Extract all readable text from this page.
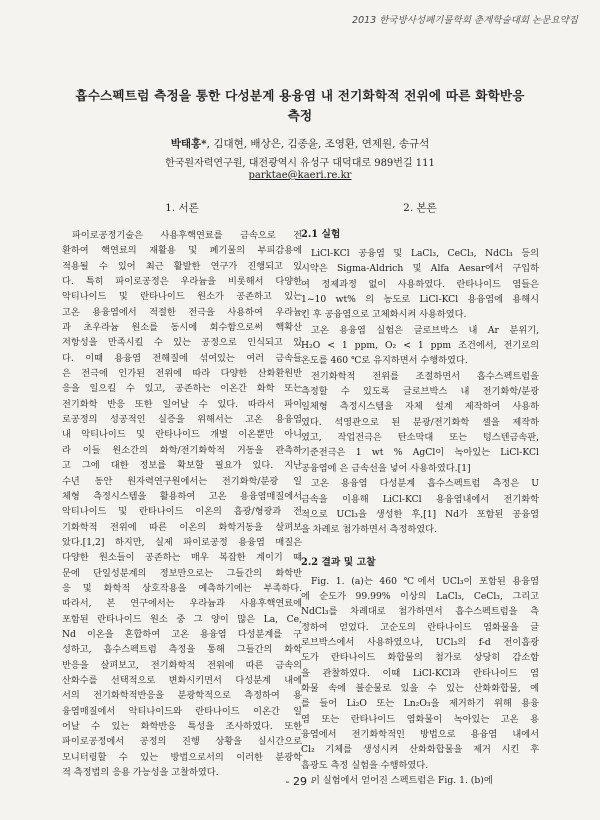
2013 한국방사성폐기물학회 춘계학술대회 논문요약집
흡수스펙트럼 측정을 통한 다성분계 용융염 내 전기화학적 전위에 따른 화학반응
측정
박태홍*, 김대현, 배상은, 김종윤, 조영환, 연제원, 송규석
한국원자력연구원, 대전광역시 유성구 대덕대로 989번길 111
parktae@kaeri.re.kr
1. 서론
파이로공정기술은 사용후핵연료를 금속으로 전
환하여 핵연료의 재활용 및 폐기물의 부피감용에
적용될 수 있어 최근 활발한 연구가 진행되고 있
다. 특히 파이로공정은 우라늄을 비롯해서 다양한
악티나이드 및 란타나이드 원소가 공존하고 있는
고온 용융염에서 적절한 전극을 사용하여 우라늄
과 초우라늄 원소를 동시에 회수함으로써 핵확산
저항성을 만족시킬 수 있는 공정으로 인식되고 있
다. 이때 용융염 전해질에 섞여있는 여러 금속들
은 전극에 인가된 전위에 따라 다양한 산화환원반
응을 일으킬 수 있고, 공존하는 이온간 화학 또는
전기화학 반응 또한 일어날 수 있다. 따라서 파이
로공정의 성공적인 실증을 위해서는 고온 용융염
내 악티나이드 및 란타나이드 개별 이온뿐만 아니
라 이들 원소간의 화학/전기화학적 거동을 관측하
고 그에 대한 정보를 확보할 필요가 있다. 지난
수년 동안 원자력연구원에서는 전기화학/분광 일
체형 측정시스템을 활용하여 고온 용융염매질에서
악티나이드 및 란타나이드 이온의 흡광/형광과 전
기화학적 전위에 따른 이온의 화학거동을 살펴보
았다.[1,2] 하지만, 실제 파이로공정 용융염 매질은
다양한 원소들이 공존하는 매우 복잡한 계이기 때
문에 단일성분계의 정보만으로는 그들간의 화학반
응 및 화학적 상호작용을 예측하기에는 부족하다.
따라서, 본 연구에서는 우라늄과 사용후핵연료에
포함된 란타나이드 원소 중 그 양이 많은 La, Ce,
Nd 이온을 혼합하여 고온 용융염 다성분계를 구
성하고, 흡수스펙트럼 측정을 통해 그들간의 화학
반응을 살펴보고, 전기화학적 전위에 따른 금속의
산화수를 선택적으로 변화시키면서 다성분계 내에
서의 전기화학적반응을 분광학적으로 측정하여 용
융염매질에서 악티나이드와 란타나이드 이온간 일
어날 수 있는 화학반응 특성을 조사하였다. 또한
파이로공정에서 공정의 진행 상황을 실시간으로
모니터링할 수 있는 방법으로서의 이러한 분광학
적 측정법의 응용 가능성을 고찰하였다.
2. 본론
2.1 실험
LiCl-KCl 공융염 및 LaCl₃, CeCl₃, NdCl₃ 등의
시약은 Sigma-Aldrich 및 Alfa Aesar에서 구입하
여 정제과정 없이 사용하였다. 란타나이드 염들은
1~10 wt% 의 농도로 LiCl-KCl 용융염에 용해시
킨 후 공융염으로 고체화시켜 사용하였다.
고온 용융염 실험은 글로브박스 내 Ar 분위기,
H₂O < 1 ppm, O₂ < 1 ppm 조건에서, 전기로의
온도를 460 ℃로 유지하면서 수행하였다.
전기화학적 전위를 조절하면서 흡수스펙트럼을
측정할 수 있도록 글로브박스 내 전기화학/분광
일체형 측정시스템을 자체 설계 제작하여 사용하
였다. 석영관으로 된 분광/전기화학 셀을 제작하
였고, 작업전극은 탄소막대 또는 텅스텐금속판,
기준전극은 1 wt % AgCl이 녹아있는 LiCl-KCl
공융염에 은 금속선을 넣어 사용하였다.[1]
고온 용융염 다성분계 흡수스펙트럼 측정은 U
금속을 이용해 LiCl-KCl 용융염내에서 전기화학
적으로 UCl₃을 생성한 후,[1] Nd가 포함된 공융염
을 차례로 첨가하면서 측정하였다.
2.2 결과 및 고찰
Fig. 1. (a)는 460 ℃에서 UCl₃이 포함된 용융염
에 순도가 99.99% 이상의 LaCl₃, CeCl₃, 그리고
NdCl₃를 차례대로 첨가하면서 흡수스펙트럼을 측
정하여 얻었다. 고순도의 란타나이드 염화물을 글
로브박스에서 사용하였으나, UCl₃의 f-d 전이흡광
도가 란타나이드 화합물의 첨가로 상당히 감소함
을 관찰하였다. 이때 LiCl-KCl과 란타나이드 염
화물 속에 불순물로 있을 수 있는 산화화합물, 예
를 들어 Li₂O 또는 Ln₂O₃을 제거하기 위해 용융
염 또는 란타나이드 염화물이 녹아있는 고온 용
융염에서 전기화학적인 방법으로 용융염 내에서
Cl₂ 기체를 생성시켜 산화화합물을 제거 시킨 후
흡광도 측정 실험을 수행하였다.
이 실험에서 얻어진 스펙트럼은 Fig. 1. (b)에
- 29 -
